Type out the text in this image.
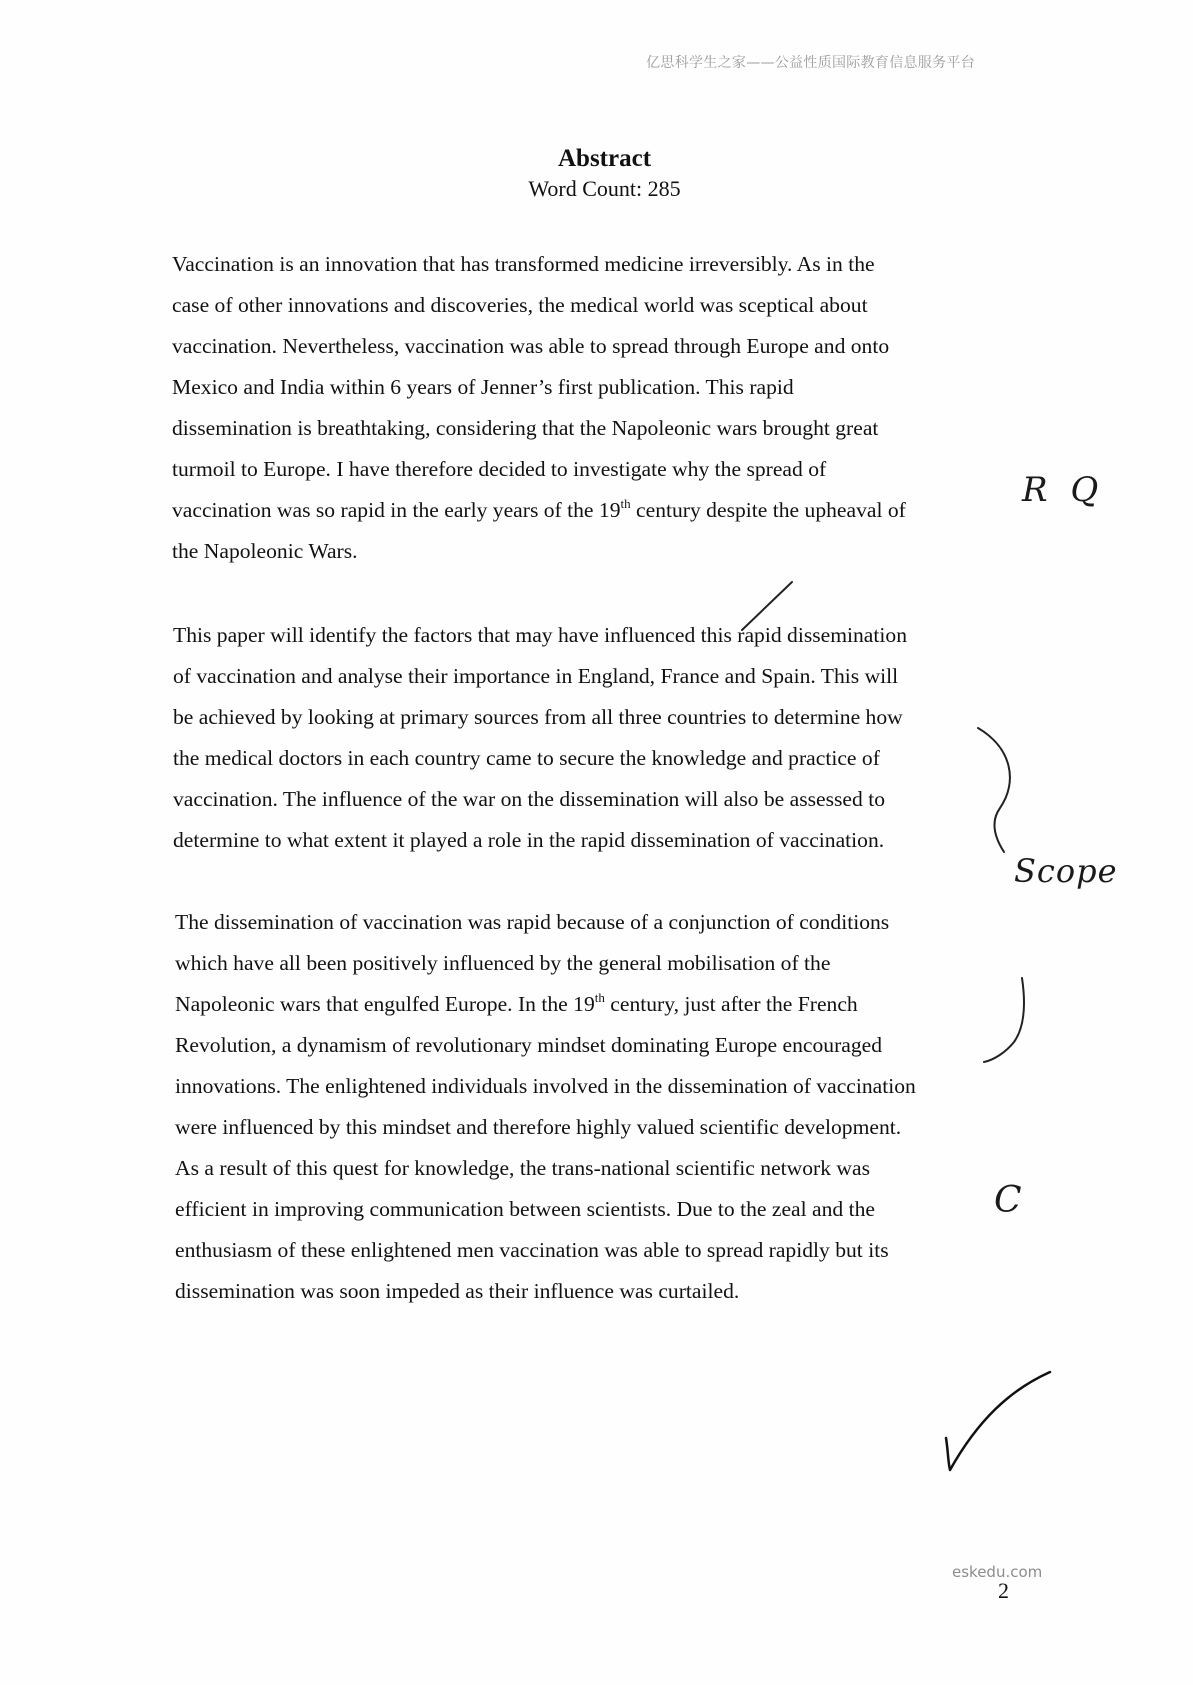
亿思科学生之家——公益性质国际教育信息服务平台
Abstract
Word Count: 285
Vaccination is an innovation that has transformed medicine irreversibly. As in the
case of other innovations and discoveries, the medical world was sceptical about
vaccination. Nevertheless, vaccination was able to spread through Europe and onto
Mexico and India within 6 years of Jenner’s first publication. This rapid
dissemination is breathtaking, considering that the Napoleonic wars brought great
turmoil to Europe. I have therefore decided to investigate why the spread of
vaccination was so rapid in the early years of the 19th century despite the upheaval of
the Napoleonic Wars.
This paper will identify the factors that may have influenced this rapid dissemination
of vaccination and analyse their importance in England, France and Spain. This will
be achieved by looking at primary sources from all three countries to determine how
the medical doctors in each country came to secure the knowledge and practice of
vaccination. The influence of the war on the dissemination will also be assessed to
determine to what extent it played a role in the rapid dissemination of vaccination.
The dissemination of vaccination was rapid because of a conjunction of conditions
which have all been positively influenced by the general mobilisation of the
Napoleonic wars that engulfed Europe. In the 19th century, just after the French
Revolution, a dynamism of revolutionary mindset dominating Europe encouraged
innovations. The enlightened individuals involved in the dissemination of vaccination
were influenced by this mindset and therefore highly valued scientific development.
As a result of this quest for knowledge, the trans-national scientific network was
efficient in improving communication between scientists. Due to the zeal and the
enthusiasm of these enlightened men vaccination was able to spread rapidly but its
dissemination was soon impeded as their influence was curtailed.
R Q
Scope
C
eskedu.com
2
